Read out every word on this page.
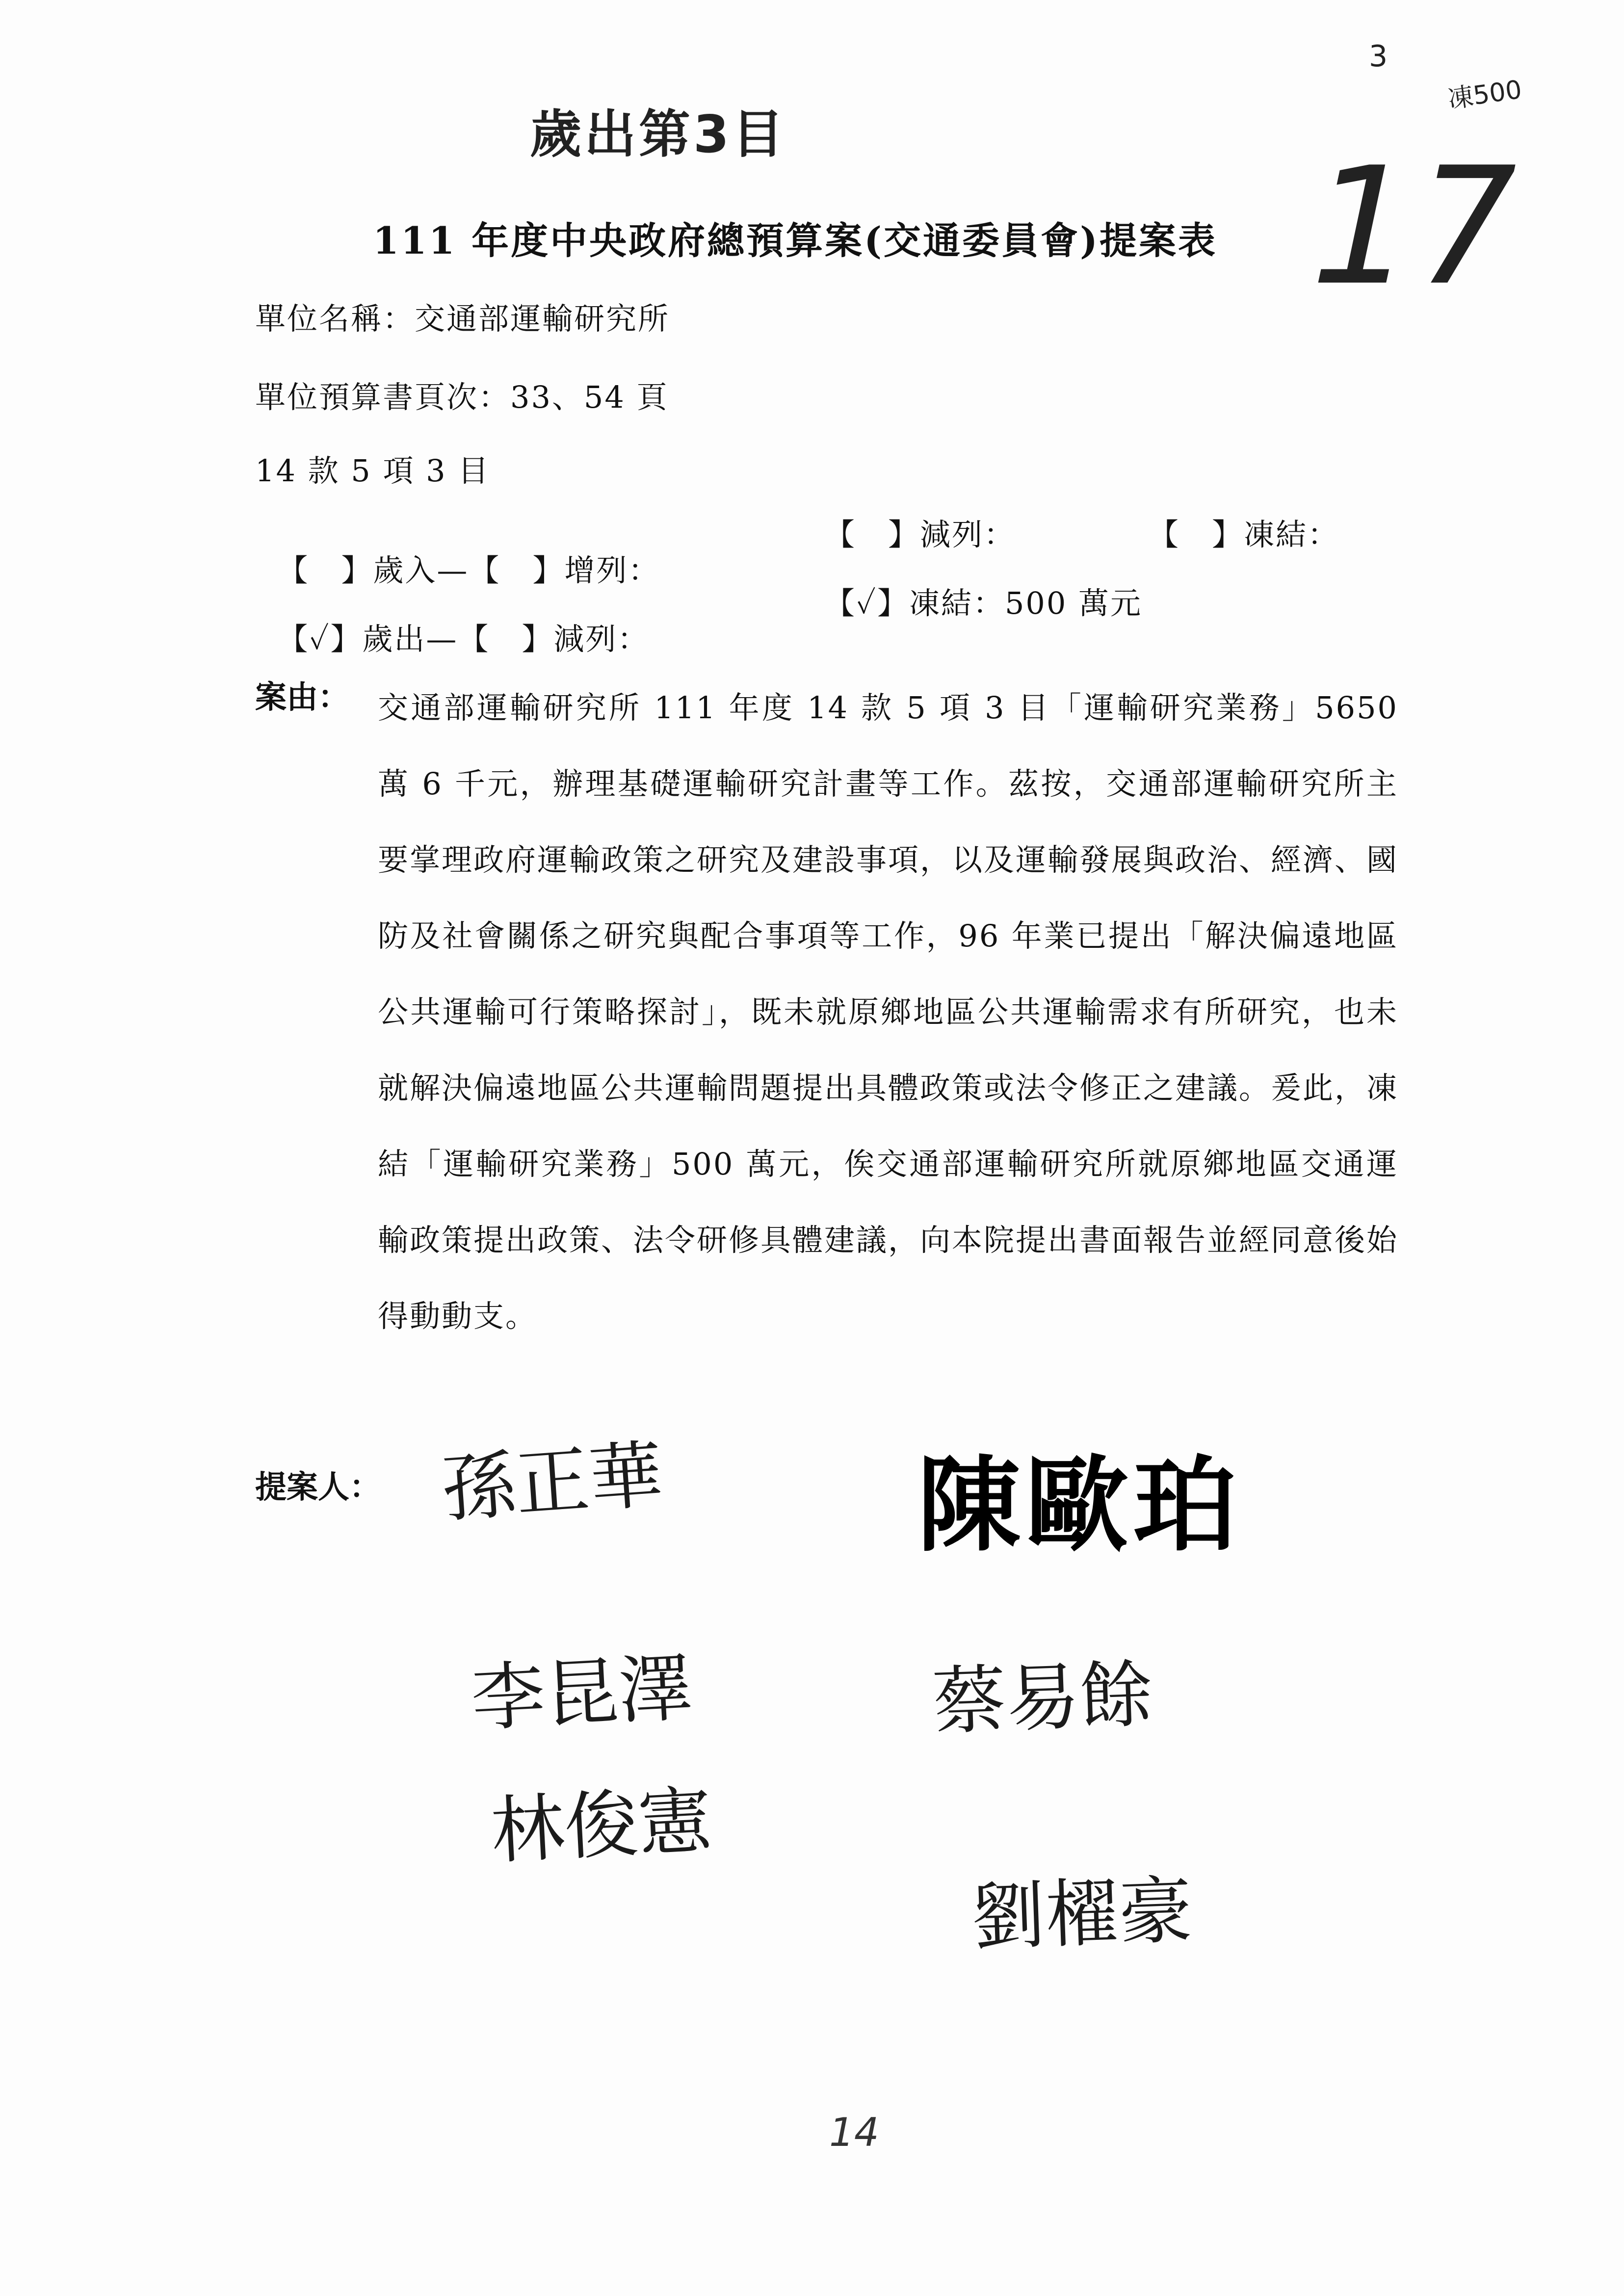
歲出第3目
3
凍500
17
111 年度中央政府總預算案(交通委員會)提案表
單位名稱：交通部運輸研究所
單位預算書頁次：33、54 頁
14 款 5 項 3 目

【　】歲入—【　】增列：

【　】減列：

	【　】凍結：

【✓】歲出—【　】減列：

【✓】凍結：500 萬元

案由： 交通部運輸研究所 111 年度 14 款 5 項 3 目「運輸研究業務」5650 萬 6 千元，辦理基礎運輸研究計畫等工作。茲按，交通部運輸研究所主要掌理政府運輸政策之研究及建設事項，以及運輸發展與政治、經濟、國防及社會關係之研究與配合事項等工作，96 年業已提出「解決偏遠地區公共運輸可行策略探討」，既未就原鄉地區公共運輸需求有所研究，也未就解決偏遠地區公共運輸問題提出具體政策或法令修正之建議。爰此，凍結「運輸研究業務」500 萬元，俟交通部運輸研究所就原鄉地區交通運輸政策提出政策、法令研修具體建議，向本院提出書面報告並經同意後始得動動支。
提案人： 孫正華 陳歐珀
李昆澤	蔡易餘
林俊憲
劉櫂豪
14
